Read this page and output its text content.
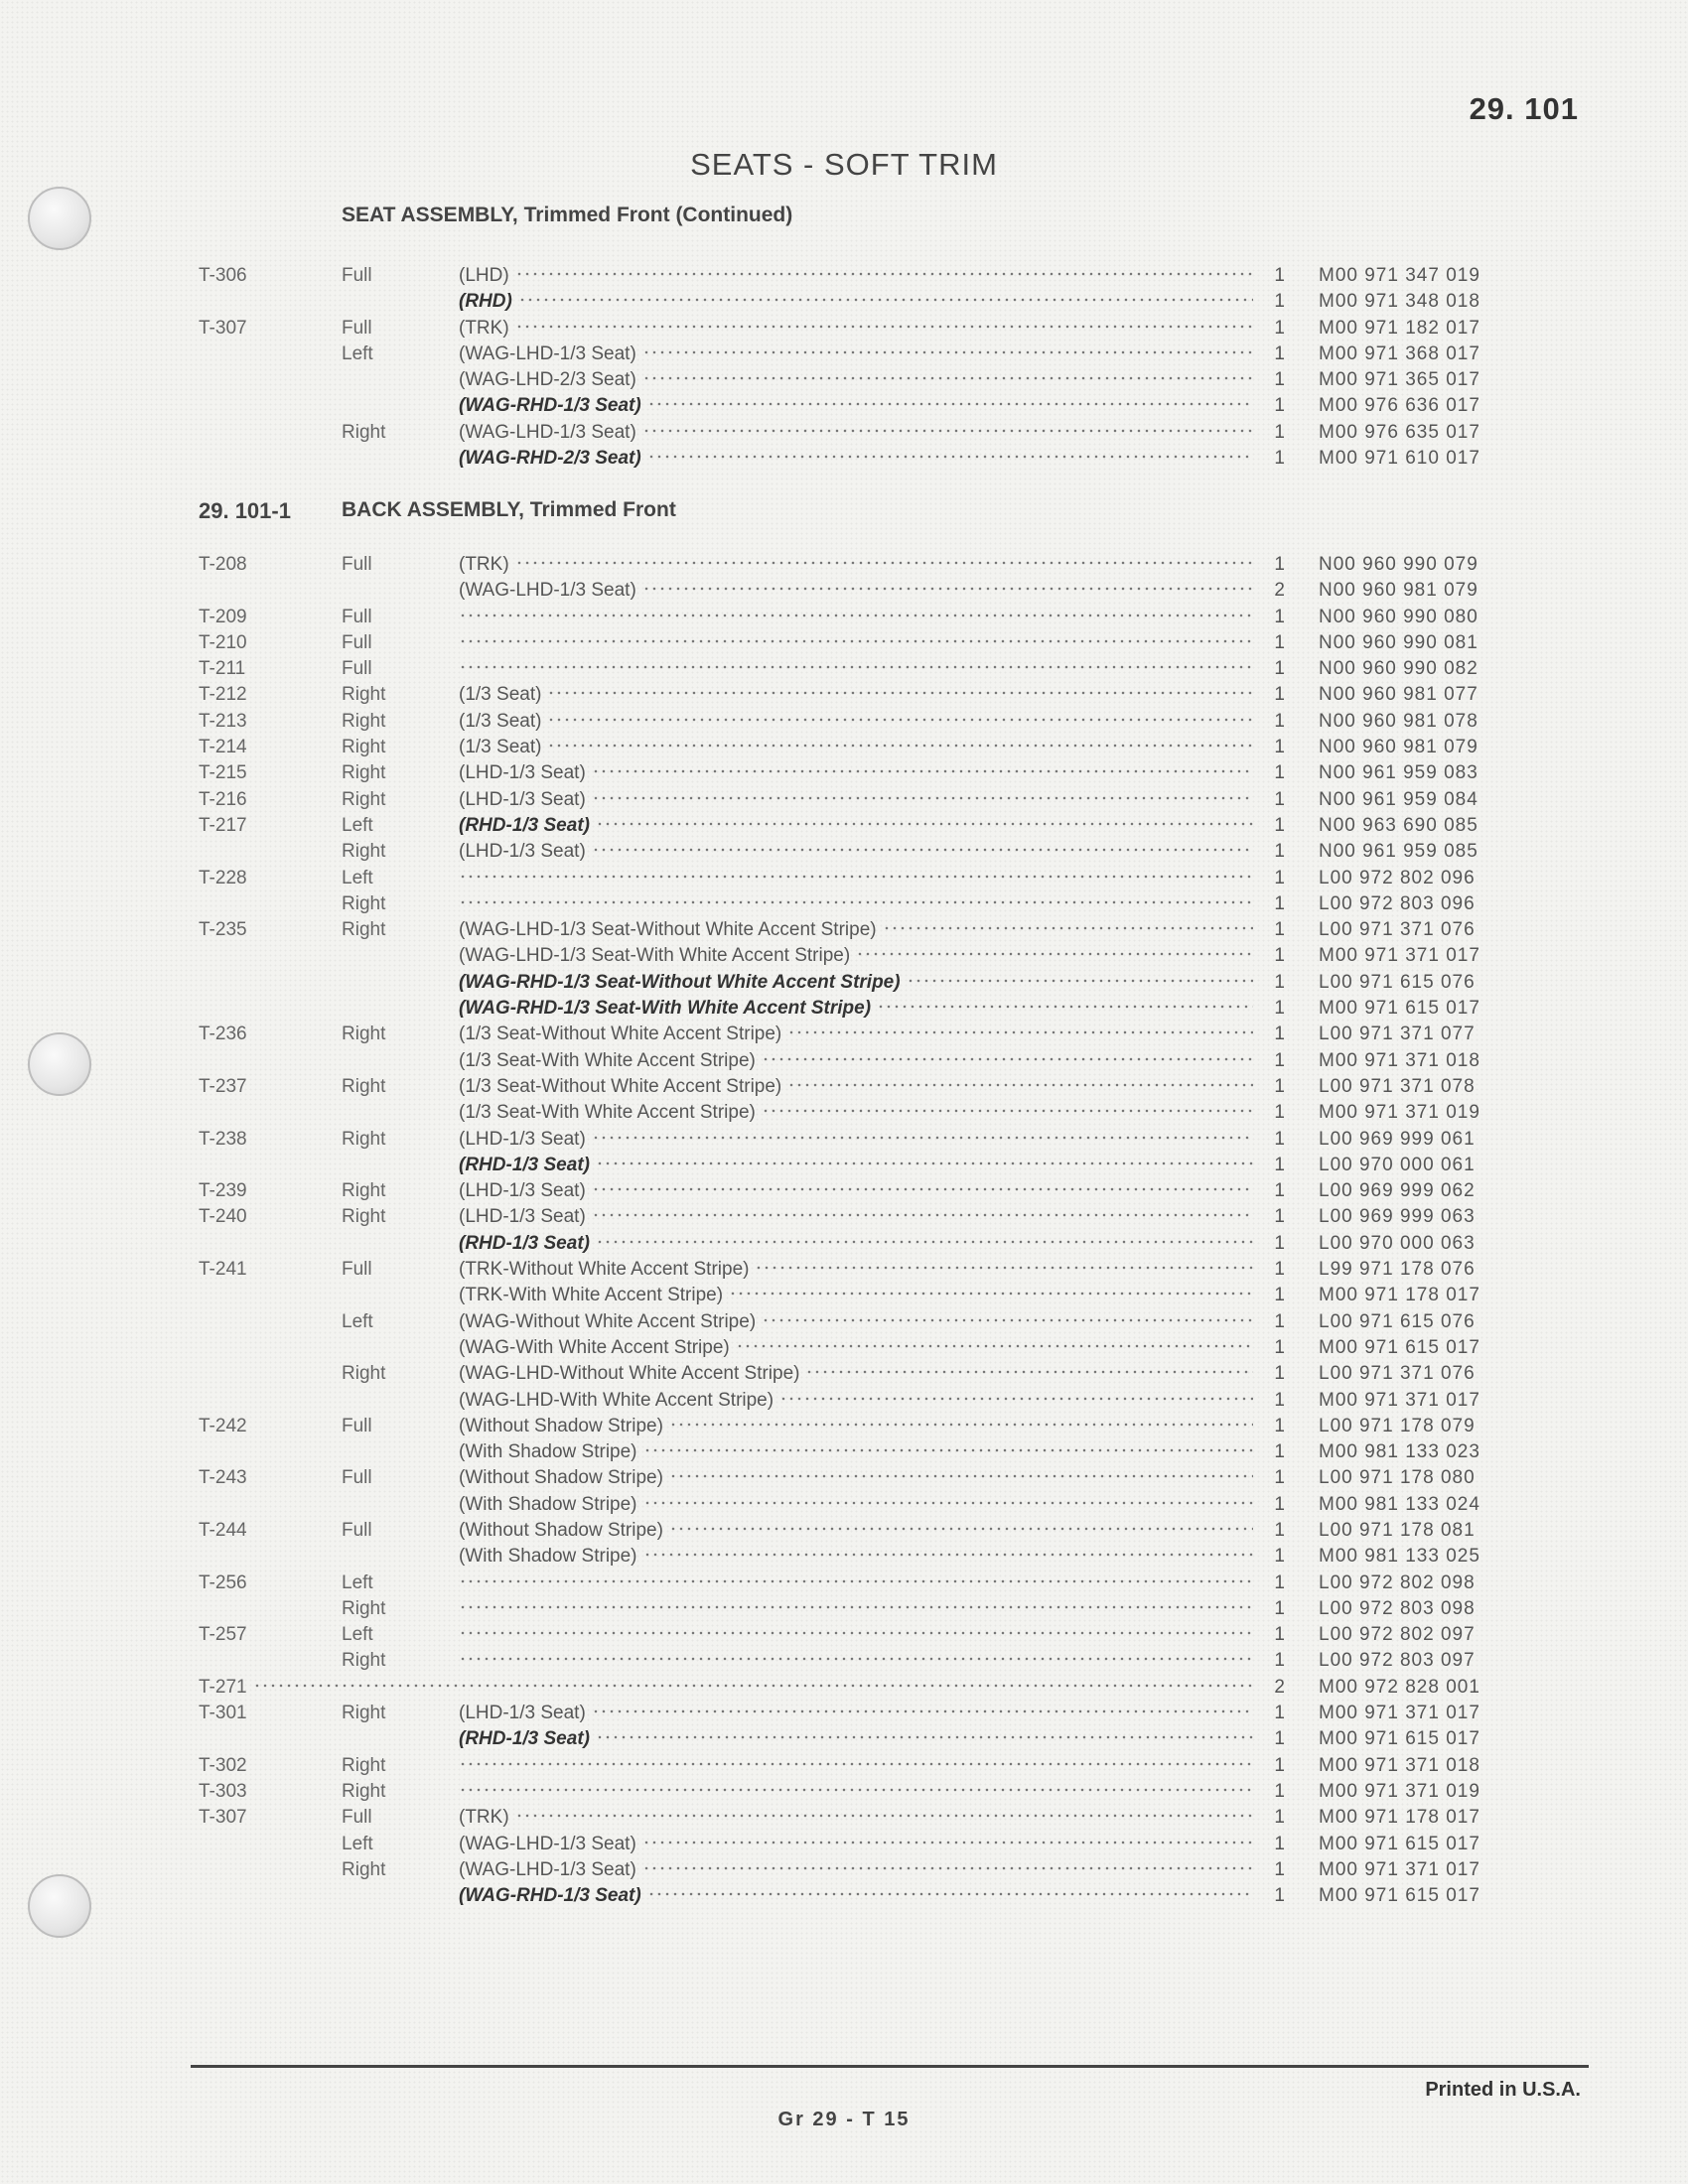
29. 101
SEATS - SOFT TRIM
SEAT ASSEMBLY, Trimmed Front (Continued)
T-306	Full	(LHD)	1 M00 971 347 019
(RHD)	1 M00 971 348 018
T-307	Full	(TRK)	1 M00 971 182 017
Left	(WAG-LHD-1/3 Seat)	1 M00 971 368 017
(WAG-LHD-2/3 Seat)	1 M00 971 365 017
(WAG-RHD-1/3 Seat)	1 M00 976 636 017
Right	(WAG-LHD-1/3 Seat)	1 M00 976 635 017
(WAG-RHD-2/3 Seat)	1 M00 971 610 017
29. 101-1 BACK ASSEMBLY, Trimmed Front
T-208	Full	(TRK)	1 N00 960 990 079
(WAG-LHD-1/3 Seat)	2 N00 960 981 079
T-209	Full	1 N00 960 990 080
T-210	Full	1 N00 960 990 081
T-211	Full	1 N00 960 990 082
T-212	Right	(1/3 Seat)	1 N00 960 981 077
T-213	Right	(1/3 Seat)	1 N00 960 981 078
T-214	Right	(1/3 Seat)	1 N00 960 981 079
T-215	Right	(LHD-1/3 Seat)	1 N00 961 959 083
T-216	Right	(LHD-1/3 Seat)	1 N00 961 959 084
T-217	Left	(RHD-1/3 Seat)	1 N00 963 690 085
Right	(LHD-1/3 Seat)	1 N00 961 959 085
T-228	Left	1 L00 972 802 096
Right	1 L00 972 803 096
T-235	Right	(WAG-LHD-1/3 Seat-Without White Accent Stripe)	1 L00 971 371 076
(WAG-LHD-1/3 Seat-With White Accent Stripe)	1 M00 971 371 017
(WAG-RHD-1/3 Seat-Without White Accent Stripe)	1 L00 971 615 076
(WAG-RHD-1/3 Seat-With White Accent Stripe)	1 M00 971 615 017
T-236	Right	(1/3 Seat-Without White Accent Stripe)	1 L00 971 371 077
(1/3 Seat-With White Accent Stripe)	1 M00 971 371 018
T-237	Right	(1/3 Seat-Without White Accent Stripe)	1 L00 971 371 078
(1/3 Seat-With White Accent Stripe)	1 M00 971 371 019
T-238	Right	(LHD-1/3 Seat)	1 L00 969 999 061
(RHD-1/3 Seat)	1 L00 970 000 061
T-239	Right	(LHD-1/3 Seat)	1 L00 969 999 062
T-240	Right	(LHD-1/3 Seat)	1 L00 969 999 063
(RHD-1/3 Seat)	1 L00 970 000 063
T-241	Full	(TRK-Without White Accent Stripe)	1 L99 971 178 076
(TRK-With White Accent Stripe)	1 M00 971 178 017
Left	(WAG-Without White Accent Stripe)	1 L00 971 615 076
(WAG-With White Accent Stripe)	1 M00 971 615 017
Right	(WAG-LHD-Without White Accent Stripe)	1 L00 971 371 076
(WAG-LHD-With White Accent Stripe)	1 M00 971 371 017
T-242	Full	(Without Shadow Stripe)	1 L00 971 178 079
(With Shadow Stripe)	1 M00 981 133 023
T-243	Full	(Without Shadow Stripe)	1 L00 971 178 080
(With Shadow Stripe)	1 M00 981 133 024
T-244	Full	(Without Shadow Stripe)	1 L00 971 178 081
(With Shadow Stripe)	1 M00 981 133 025
T-256	Left	1 L00 972 802 098
Right	1 L00 972 803 098
T-257	Left	1 L00 972 802 097
Right	1 L00 972 803 097
T-271	2 M00 972 828 001
T-301	Right	(LHD-1/3 Seat)	1 M00 971 371 017
(RHD-1/3 Seat)	1 M00 971 615 017
T-302	Right	1 M00 971 371 018
T-303	Right	1 M00 971 371 019
T-307	Full	(TRK)	1 M00 971 178 017
Left	(WAG-LHD-1/3 Seat)	1 M00 971 615 017
Right	(WAG-LHD-1/3 Seat)	1 M00 971 371 017
(WAG-RHD-1/3 Seat)	1 M00 971 615 017
Printed in U.S.A.
Gr 29 - T 15
